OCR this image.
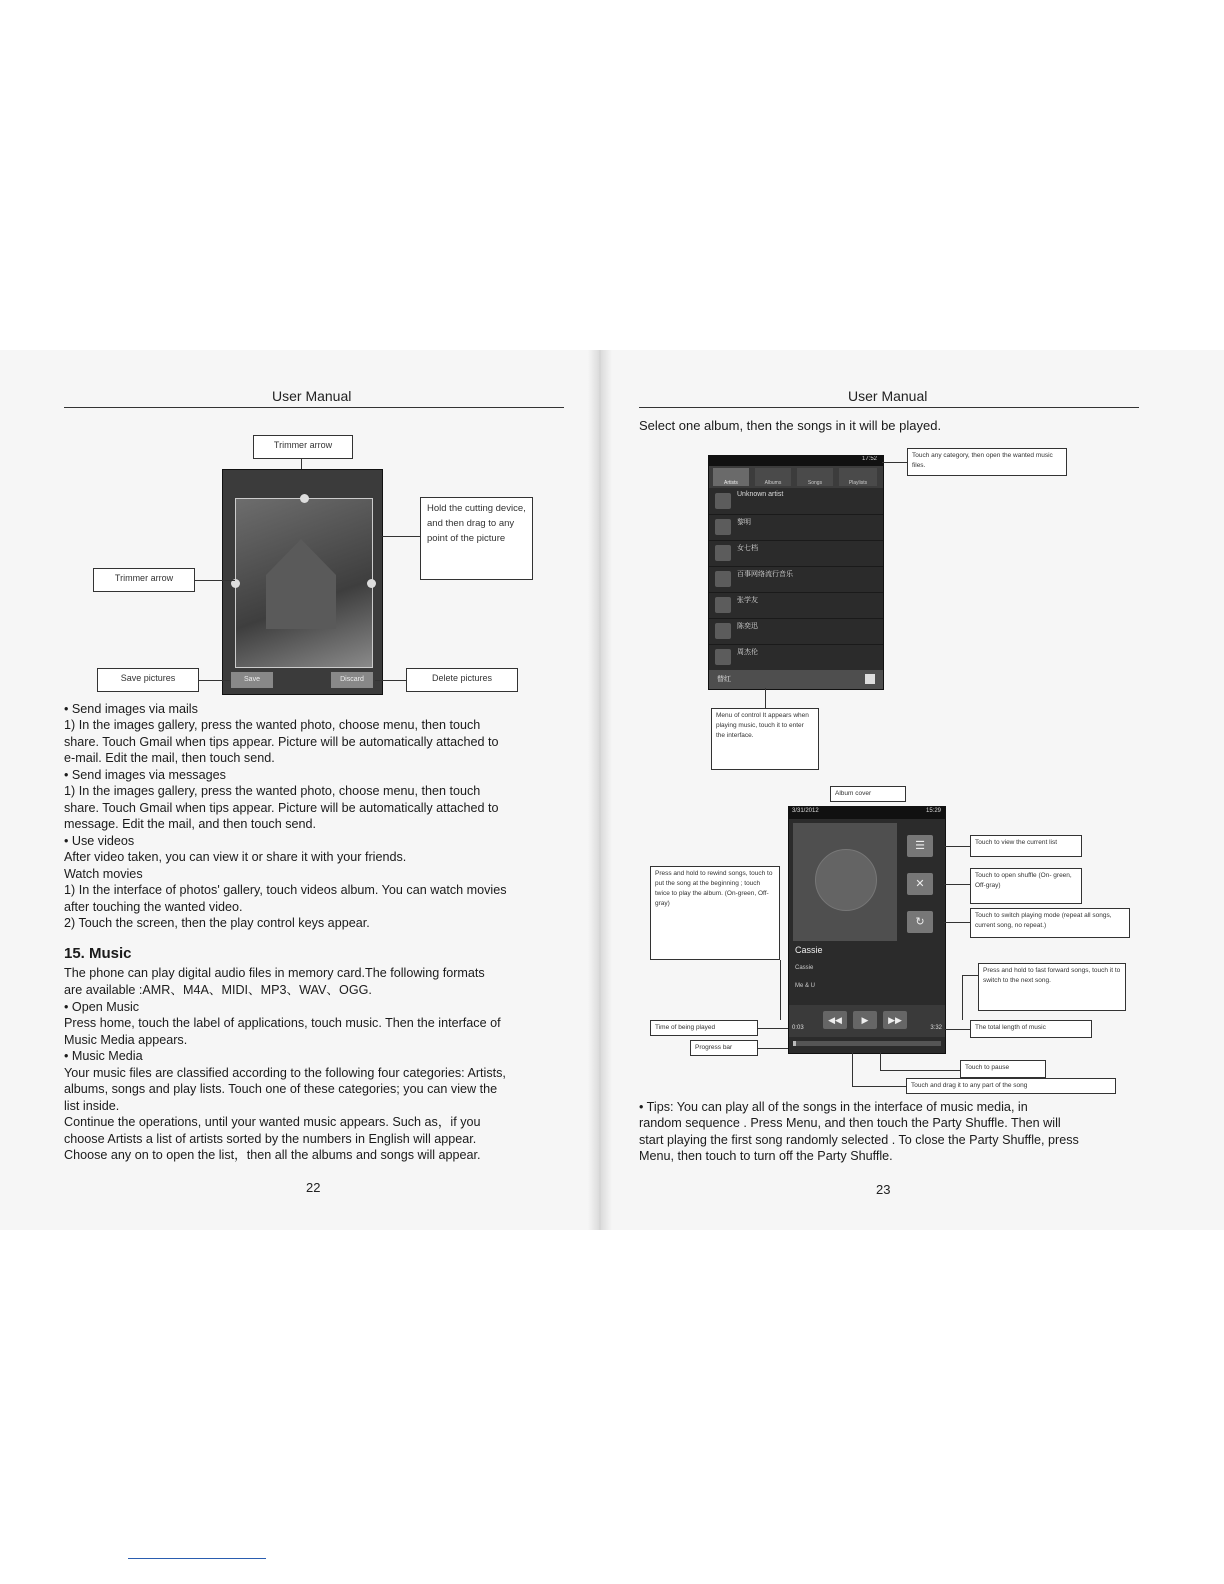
User Manual
Trimmer arrow
Save	Discard
Hold the cutting device, and then drag to any point of the picture
Trimmer arrow
Save pictures	Delete pictures
• Send images via mails
1) In the images gallery, press the wanted photo, choose menu, then touch
share. Touch Gmail when tips appear. Picture will be automatically attached to
e-mail. Edit the mail, then touch send.
• Send images via messages
1) In the images gallery, press the wanted photo, choose menu, then touch
share. Touch Gmail when tips appear. Picture will be automatically attached to
message. Edit the mail, and then touch send.
• Use videos
After video taken, you can view it or share it with your friends.
Watch movies
1) In the interface of photos' gallery, touch videos album. You can watch movies
after touching the wanted video.
2) Touch the screen, then the play control keys appear.
15. Music
The phone can play digital audio files in memory card.The following formats
are available :AMR、M4A、MIDI、MP3、WAV、OGG.
• Open Music
Press home, touch the label of applications, touch music. Then the interface of
Music Media appears.
• Music Media
Your music files are classified according to the following four categories: Artists,
albums, songs and play lists. Touch one of these categories; you can view the
list inside.
Continue the operations, until your wanted music appears. Such as，if you
choose Artists a list of artists sorted by the numbers in English will appear.
Choose any on to open the list，then all the albums and songs will appear.
22
User Manual
Select one album, then the songs in it will be played.
17:52
Artists	Albums	Songs	Playlists
Unknown artist
黎明
女七档
百事网络流行音乐
张学友
陈奕迅
周杰伦
替红
Touch any category, then open the wanted music files.
Menu of control It appears when playing music, touch it to enter the interface.
Album cover
3/31/2012	15:29
☰
✕
↻
Cassie
Cassie
Me & U
0:03
◀◀	▶	▶▶
3:32
Touch to view the current list
Touch to open shuffle (On- green, Off-gray)
Touch to switch playing mode (repeat all songs, current song, no repeat.)
Press and hold to rewind songs, touch to put the song at the beginning ; touch twice to play the album. (On-green, Off-gray)
Press and hold to fast forward songs, touch it to switch to the next song.
Time of being played
Progress bar
The total length of music
Touch to pause
Touch and drag it to any part of the song
• Tips: You can play all of the songs in the interface of music media, in
random sequence . Press Menu, and then touch the Party Shuffle. Then will
start playing the first song randomly selected . To close the Party Shuffle, press
Menu, then touch to turn off the Party Shuffle.
23
